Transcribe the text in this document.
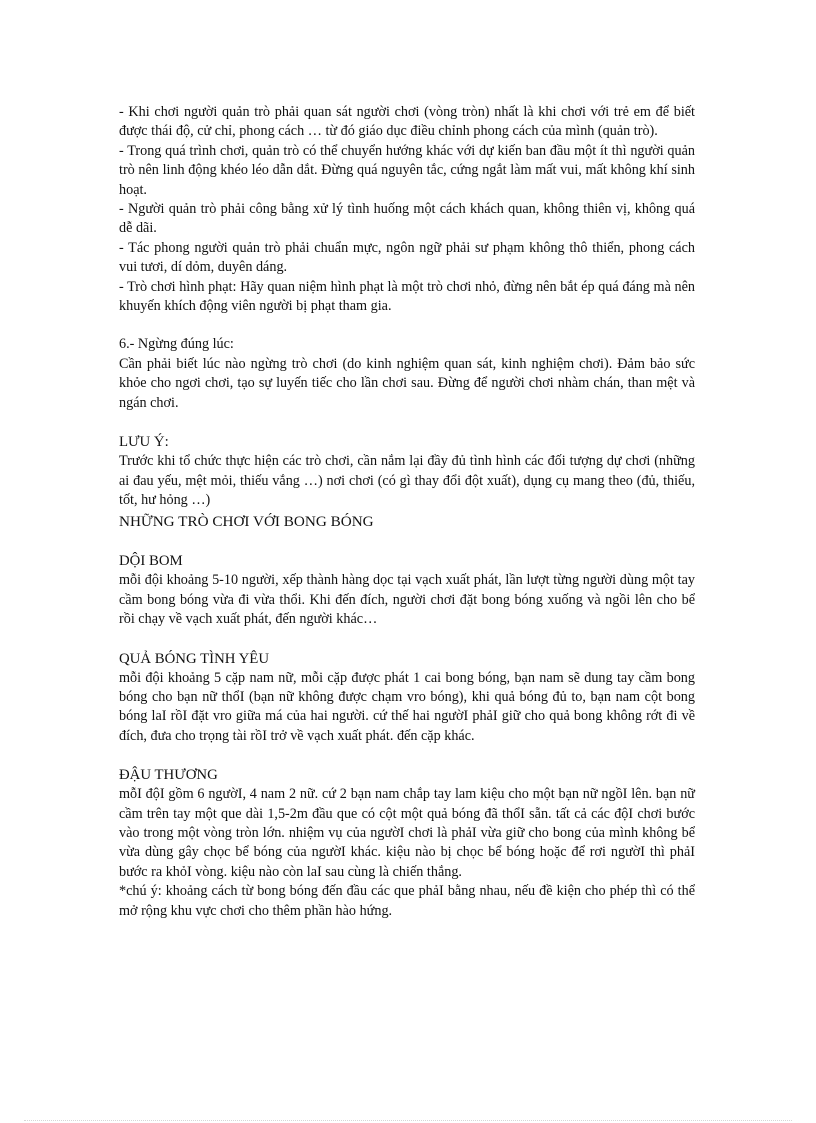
- Khi chơi người quản trò phải quan sát người chơi (vòng tròn) nhất là khi chơi với trẻ em để biết được thái độ, cử chỉ, phong cách … từ đó giáo dục điều chỉnh phong cách của mình (quản trò).

- Trong quá trình chơi, quản trò có thể chuyển hướng khác với dự kiến ban đầu một ít thì người quản trò nên linh động khéo léo dẫn dắt. Đừng quá nguyên tắc, cứng ngắt làm mất vui, mất không khí sinh hoạt.

- Người quản trò phải công bằng xử lý tình huống một cách khách quan, không thiên vị, không quá dễ dãi.

- Tác phong người quản trò phải chuẩn mực, ngôn ngữ phải sư phạm không thô thiển, phong cách vui tươi, dí dỏm, duyên dáng.

- Trò chơi hình phạt: Hãy quan niệm hình phạt là một trò chơi nhỏ, đừng nên bắt ép quá đáng mà nên khuyến khích động viên người bị phạt tham gia.

6.- Ngừng đúng lúc:

Cần phải biết lúc nào ngừng trò chơi (do kinh nghiệm quan sát, kinh nghiệm chơi). Đảm bảo sức khỏe cho ngơi chơi, tạo sự luyến tiếc cho lần chơi sau. Đừng để người chơi nhàm chán, than mệt và ngán chơi.

LƯU Ý:

Trước khi tổ chức thực hiện các trò chơi, cần nắm lại đầy đủ tình hình các đối tượng dự chơi (những ai đau yếu, mệt mỏi, thiếu vắng …) nơi chơi (có gì thay đổi đột xuất), dụng cụ mang theo (đủ, thiếu, tốt, hư hỏng …)

NHỮNG TRÒ CHƠI VỚI BONG BÓNG

DỘI BOM

mỗi đội khoảng 5-10 người, xếp thành hàng dọc tại vạch xuất phát, lần lượt từng người dùng một tay cầm bong bóng vừa đi vừa thổi. Khi đến đích, người chơi đặt bong bóng xuống và ngồi lên cho bể rồi chạy về vạch xuất phát, đến người khác…

QUẢ BÓNG TÌNH YÊU

mỗi đội khoảng 5 cặp nam nữ, mỗi cặp được phát 1 cai bong bóng, bạn nam sẽ dung tay cầm bong bóng cho bạn nữ thổI (bạn nữ không được chạm vro bóng), khi quả bóng đủ to, bạn nam cột bong bóng laI rồI đặt vro giữa má của hai người. cứ thế hai ngườI phảI giữ cho quả bong không rớt đi về đích, đưa cho trọng tài rồI trở về vạch xuất phát. đến cặp khác.

ĐẬU THƯƠNG

mỗI độI gồm 6 ngườI, 4 nam 2 nữ. cứ 2 bạn nam chắp tay lam kiệu cho một bạn nữ ngồI lên. bạn nữ cầm trên tay một que dài 1,5-2m đầu que có cột một quả bóng đã thổI sẵn. tất cả các độI chơi bước vào trong một vòng tròn lớn. nhiệm vụ của ngườI chơi là phảI vừa giữ cho bong của mình không bể vừa dùng gây chọc bể bóng của ngườI khác. kiệu nào bị chọc bể bóng hoặc để rơi ngườI thì phảI bước ra khỏI vòng. kiệu nào còn laI sau cùng là chiến thắng.

*chú ý: khoảng cách từ bong bóng đến đầu các que phảI bằng nhau, nếu đề kiện cho phép thì có thể mở rộng khu vực chơi cho thêm phần hào hứng.
